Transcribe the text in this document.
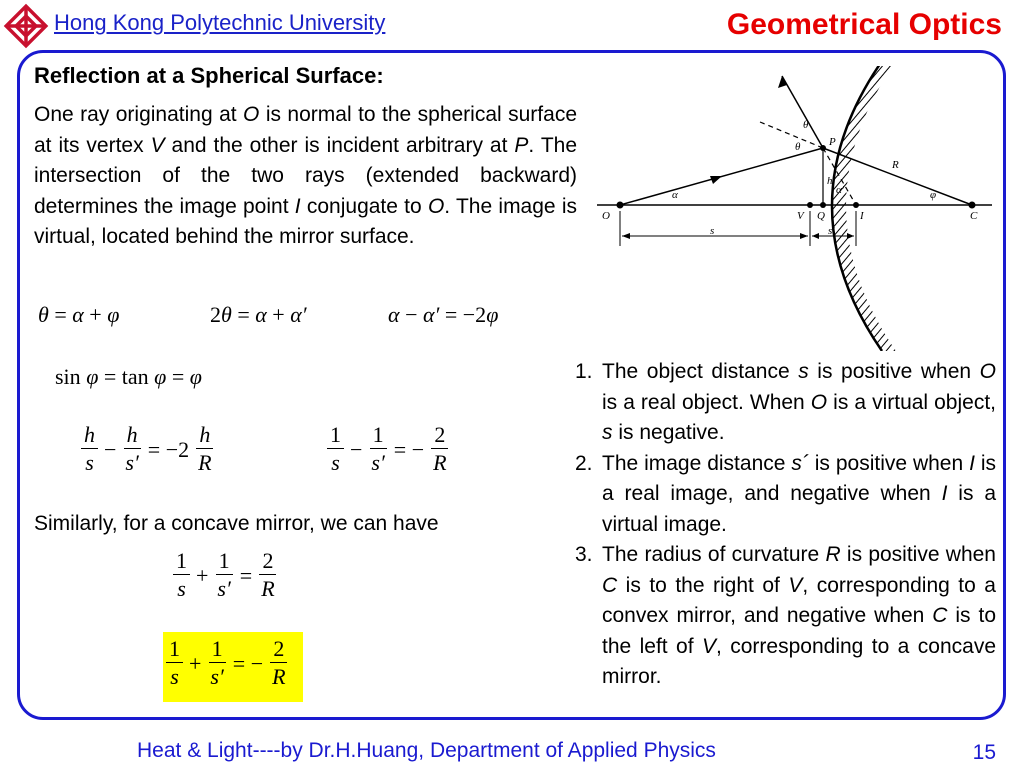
Hong Kong Polytechnic University	Geometrical Optics
Reflection at a Spherical Surface:
One ray originating at O is normal to the spherical surface at its vertex V and the other is incident arbitrary at P. The intersection of the two rays (extended backward) determines the image point I conjugate to O. The image is virtual, located behind the mirror surface.
θ
θ	P
R
h
α	α'	φ
O	V Q	I	C
s	s'
θ = α + φ	2θ = α + α′	α − α′ = −2φ
sin φ = tan φ = φ
$\frac{h}{s} - \frac{h}{s'} = -2 \frac{h}{R}$	$\frac{1}{s} - \frac{1}{s'}$ = − $\frac{2}{R}$
Similarly, for a concave mirror, we can have
$\frac{1}{s} + \frac{1}{s'} = \frac{2}{R}$
$\frac{1}{s} + \frac{1}{s'}$ = − $\frac{2}{R}$
1. The object distance s is positive when O is a real object. When O is a virtual object, s is negative.
2. The image distance s´ is positive when I is a real image, and negative when I is a virtual image.
3. The radius of curvature R is positive when C is to the right of V, corresponding to a convex mirror, and negative when C is to the left of V, corresponding to a concave mirror.
Heat & Light----by Dr.H.Huang, Department of Applied Physics	15
